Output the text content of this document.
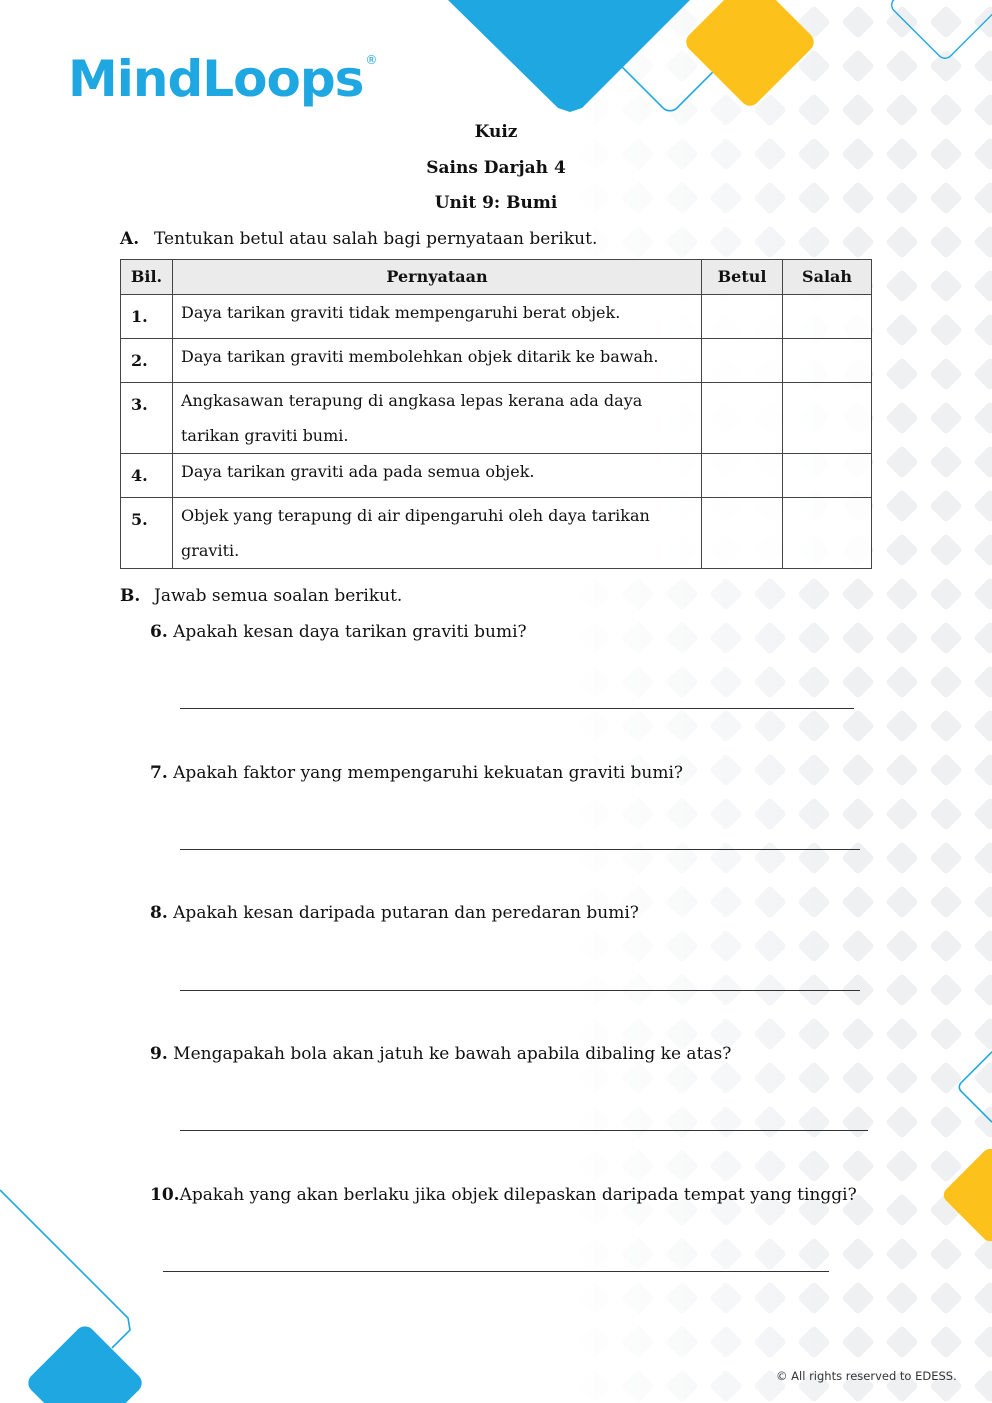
MindLoops ®
Kuiz
Sains Darjah 4
Unit 9: Bumi
A. Tentukan betul atau salah bagi pernyataan berikut.
Bil.	Pernyataan	Betul	Salah
1.	Daya tarikan graviti tidak mempengaruhi berat objek.		
2.	Daya tarikan graviti membolehkan objek ditarik ke bawah.		
3.	Angkasawan terapung di angkasa lepas kerana ada daya tarikan graviti bumi.		
4.	Daya tarikan graviti ada pada semua objek.		
5.	Objek yang terapung di air dipengaruhi oleh daya tarikan graviti.		
B. Jawab semua soalan berikut.
6. Apakah kesan daya tarikan graviti bumi?
7. Apakah faktor yang mempengaruhi kekuatan graviti bumi?
8. Apakah kesan daripada putaran dan peredaran bumi?
9. Mengapakah bola akan jatuh ke bawah apabila dibaling ke atas?
10.Apakah yang akan berlaku jika objek dilepaskan daripada tempat yang tinggi?
© All rights reserved to EDESS.
